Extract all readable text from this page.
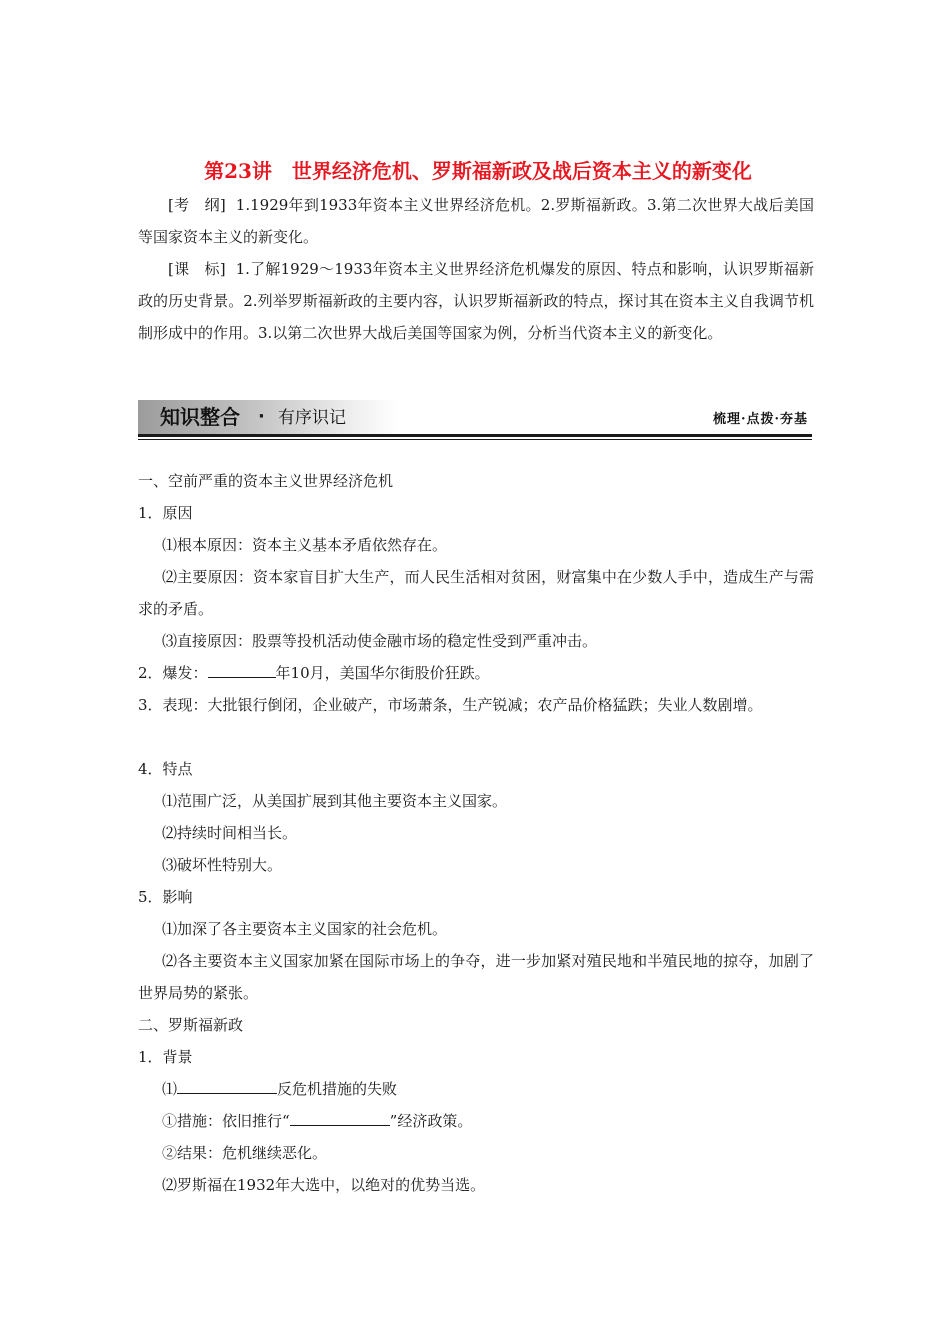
第23讲　世界经济危机、罗斯福新政及战后资本主义的新变化
[考　纲] 1.1929年到1933年资本主义世界经济危机。2.罗斯福新政。3.第二次世界大战后美国等国家资本主义的新变化。
[课　标] 1.了解1929～1933年资本主义世界经济危机爆发的原因、特点和影响，认识罗斯福新政的历史背景。2.列举罗斯福新政的主要内容，认识罗斯福新政的特点，探讨其在资本主义自我调节机制形成中的作用。3.以第二次世界大战后美国等国家为例，分析当代资本主义的新变化。
知识整合 · 有序识记	梳理·点拨·夯基
一、空前严重的资本主义世界经济危机
1．原因
⑴根本原因：资本主义基本矛盾依然存在。
⑵主要原因：资本家盲目扩大生产，而人民生活相对贫困，财富集中在少数人手中，造成生产与需求的矛盾。
⑶直接原因：股票等投机活动使金融市场的稳定性受到严重冲击。
2．爆发：	年10月，美国华尔街股价狂跌。
3．表现：大批银行倒闭，企业破产，市场萧条，生产锐减；农产品价格猛跌；失业人数剧增。
4．特点
⑴范围广泛，从美国扩展到其他主要资本主义国家。
⑵持续时间相当长。
⑶破坏性特别大。
5．影响
⑴加深了各主要资本主义国家的社会危机。
⑵各主要资本主义国家加紧在国际市场上的争夺，进一步加紧对殖民地和半殖民地的掠夺，加剧了世界局势的紧张。
二、罗斯福新政
1．背景
⑴	反危机措施的失败
①措施：依旧推行“	”经济政策。
②结果：危机继续恶化。
⑵罗斯福在1932年大选中，以绝对的优势当选。
